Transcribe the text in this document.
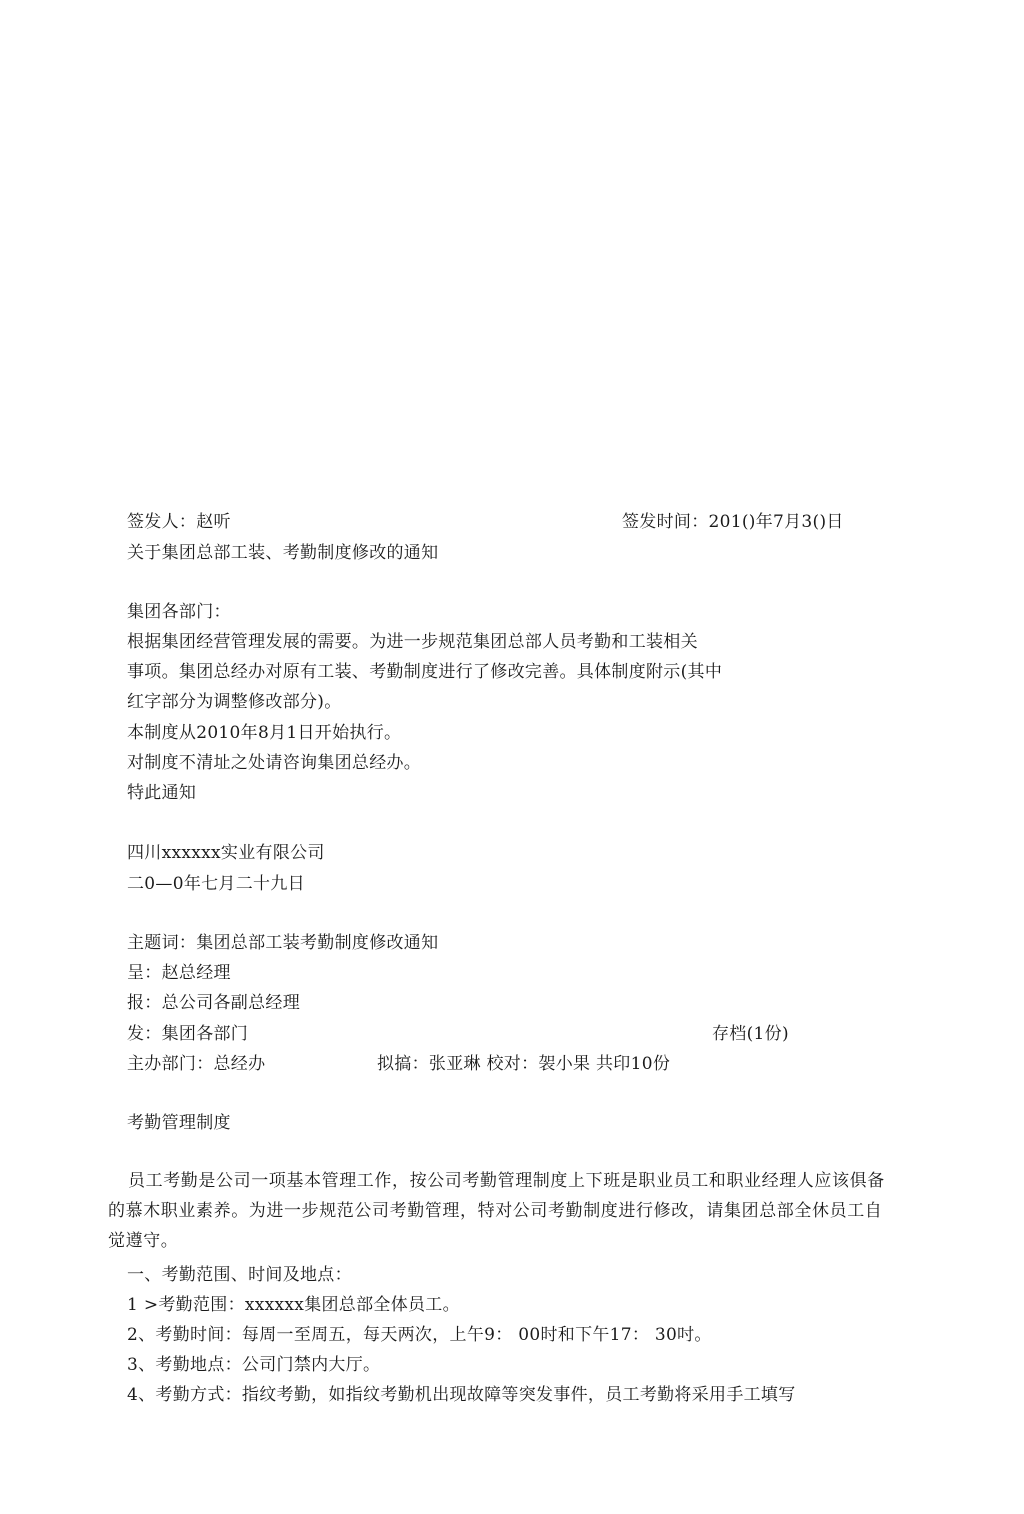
签发人：赵听	签发时间：201()年7月3()日
关于集团总部工装、考勤制度修改的通知
集团各部门：
根据集团经营管理发展的需要。为进一步规范集团总部人员考勤和工装相关
事项。集团总经办对原有工装、考勤制度进行了修改完善。具体制度附示(其中
红字部分为调整修改部分)。
本制度从2010年8月1日开始执行。
对制度不清址之处请咨询集团总经办。
特此通知
四川xxxxxx实业有限公司
二0—0年七月二十九日
主题词：集团总部工装考勤制度修改通知
呈：赵总经理
报：总公司各副总经理
发：集团各部门	存档(1份)
主办部门：总经办	拟搞：张亚琳 校对：袈小果 共印10份
考勤管理制度
员工考勤是公司一项基本管理工作，按公司考勤管理制度上下班是职业员工和职业经理人应该俱备的慕木职业素养。为进一步规范公司考勤管理，特对公司考勤制度进行修改，请集团总部全休员工自觉遵守。
一、考勤范围、时间及地点：
1 >考勤范围：xxxxxx集团总部全体员工。
2、考勤时间：每周一至周五，每天两次，上午9： 00时和下午17： 30吋。
3、考勤地点：公司门禁内大厅。
4、考勤方式：指纹考勤，如指纹考勤机出现故障等突发事件，员工考勤将采用手工填写
